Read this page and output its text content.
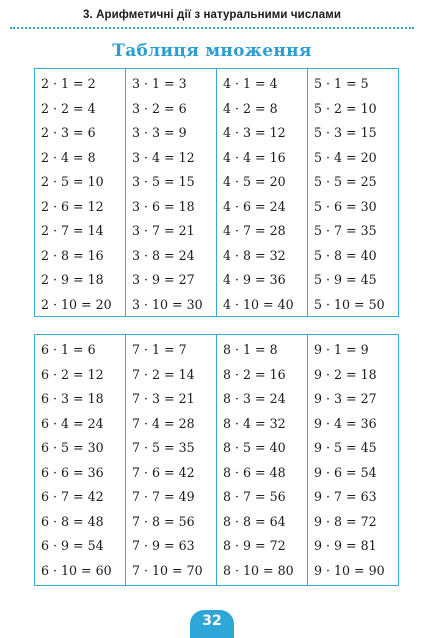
3. Арифметичні дії з натуральними числами
Таблиця множення
2 · 1 = 2
2 · 2 = 4
2 · 3 = 6
2 · 4 = 8
2 · 5 = 10
2 · 6 = 12
2 · 7 = 14
2 · 8 = 16
2 · 9 = 18
2 · 10 = 20
3 · 1 = 3
3 · 2 = 6
3 · 3 = 9
3 · 4 = 12
3 · 5 = 15
3 · 6 = 18
3 · 7 = 21
3 · 8 = 24
3 · 9 = 27
3 · 10 = 30
4 · 1 = 4
4 · 2 = 8
4 · 3 = 12
4 · 4 = 16
4 · 5 = 20
4 · 6 = 24
4 · 7 = 28
4 · 8 = 32
4 · 9 = 36
4 · 10 = 40
5 · 1 = 5
5 · 2 = 10
5 · 3 = 15
5 · 4 = 20
5 · 5 = 25
5 · 6 = 30
5 · 7 = 35
5 · 8 = 40
5 · 9 = 45
5 · 10 = 50
6 · 1 = 6
6 · 2 = 12
6 · 3 = 18
6 · 4 = 24
6 · 5 = 30
6 · 6 = 36
6 · 7 = 42
6 · 8 = 48
6 · 9 = 54
6 · 10 = 60
7 · 1 = 7
7 · 2 = 14
7 · 3 = 21
7 · 4 = 28
7 · 5 = 35
7 · 6 = 42
7 · 7 = 49
7 · 8 = 56
7 · 9 = 63
7 · 10 = 70
8 · 1 = 8
8 · 2 = 16
8 · 3 = 24
8 · 4 = 32
8 · 5 = 40
8 · 6 = 48
8 · 7 = 56
8 · 8 = 64
8 · 9 = 72
8 · 10 = 80
9 · 1 = 9
9 · 2 = 18
9 · 3 = 27
9 · 4 = 36
9 · 5 = 45
9 · 6 = 54
9 · 7 = 63
9 · 8 = 72
9 · 9 = 81
9 · 10 = 90
32
